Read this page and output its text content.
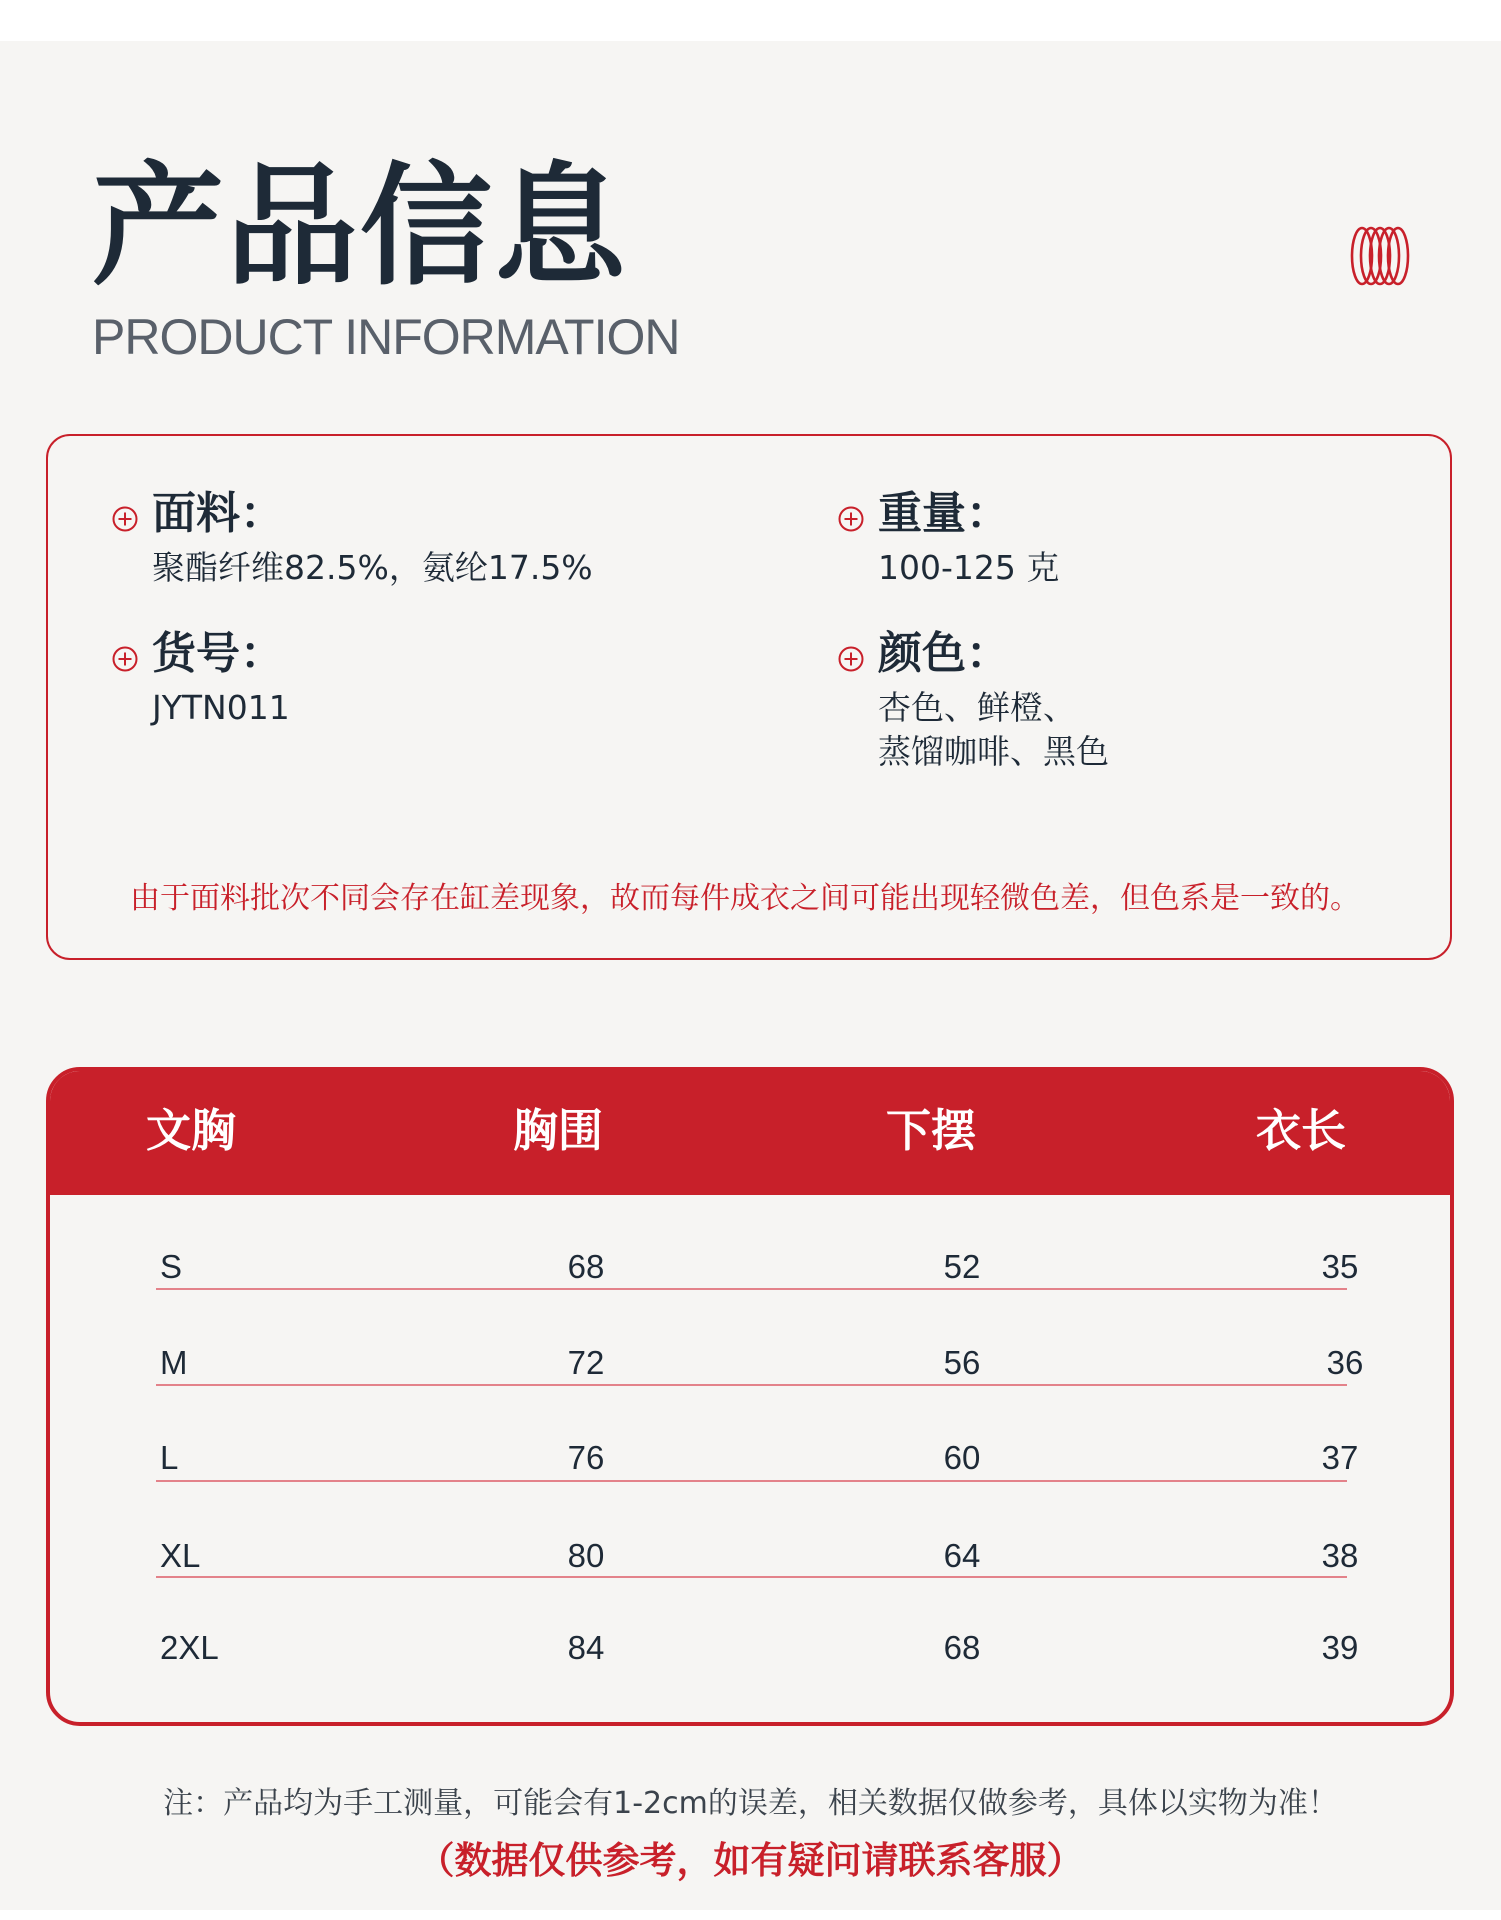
产品信息
PRODUCT INFORMATION
面料：
聚酯纤维82.5%，氨纶17.5%
重量：
100-125 克
货号：
JYTN011
颜色：
杏色、鲜橙、
蒸馏咖啡、黑色
由于面料批次不同会存在缸差现象，故而每件成衣之间可能出现轻微色差，但色系是一致的。
文胸	胸围	下摆	衣长
S	68	52	35
M	72	56	36
L	76	60	37
XL	80	64	38
2XL	84	68	39
注：产品均为手工测量，可能会有1-2cm的误差，相关数据仅做参考，具体以实物为准！
（数据仅供参考，如有疑问请联系客服）
